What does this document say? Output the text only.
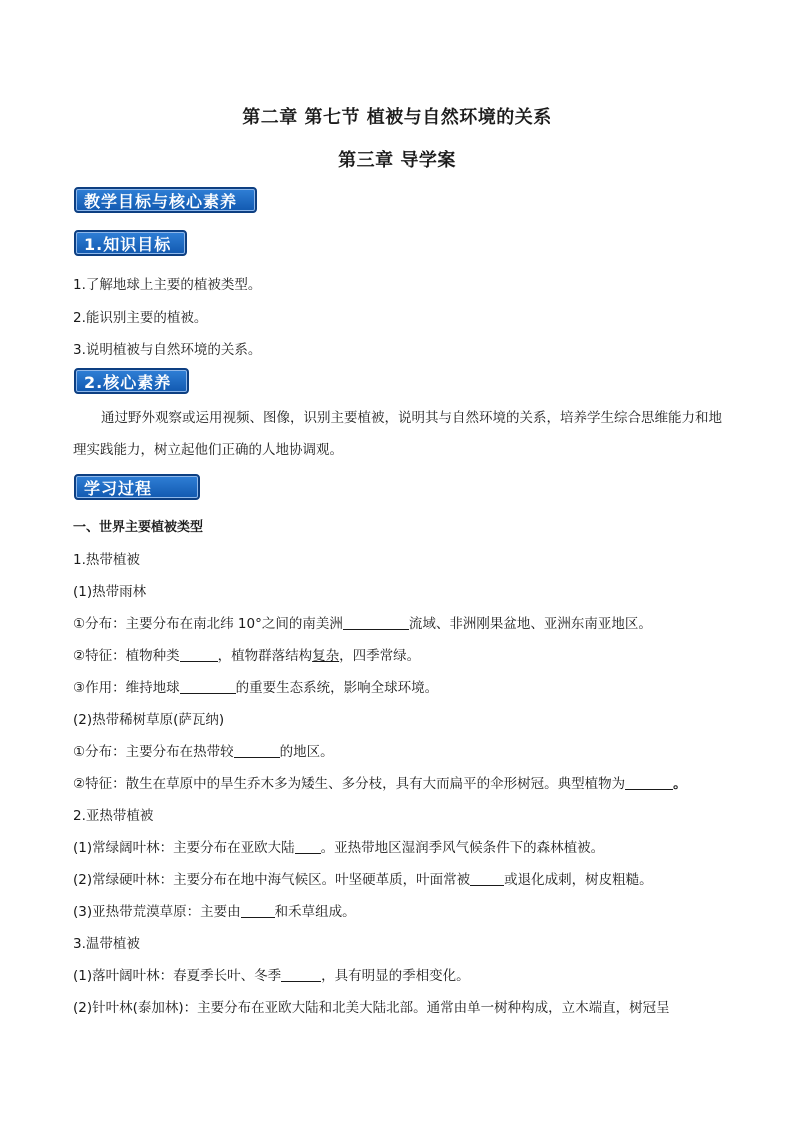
第二章 第七节 植被与自然环境的关系
第三章 导学案
教学目标与核心素养
1.知识目标
1.了解地球上主要的植被类型。
2.能识别主要的植被。
3.说明植被与自然环境的关系。
2.核心素养
通过野外观察或运用视频、图像，识别主要植被，说明其与自然环境的关系，培养学生综合思维能力和地理实践能力，树立起他们正确的人地协调观。
学习过程
一、世界主要植被类型
1.热带植被
(1)热带雨林
①分布：主要分布在南北纬 10°之间的南美洲	流域、非洲刚果盆地、亚洲东南亚地区。
②特征：植物种类	，植物群落结构复杂，四季常绿。
③作用：维持地球	的重要生态系统，影响全球环境。
(2)热带稀树草原(萨瓦纳)
①分布：主要分布在热带较	的地区。
②特征：散生在草原中的旱生乔木多为矮生、多分枝，具有大而扁平的伞形树冠。典型植物为	。
2.亚热带植被
(1)常绿阔叶林：主要分布在亚欧大陆 。亚热带地区湿润季风气候条件下的森林植被。
(2)常绿硬叶林：主要分布在地中海气候区。叶坚硬革质，叶面常被	或退化成刺，树皮粗糙。
(3)亚热带荒漠草原：主要由	和禾草组成。
3.温带植被
(1)落叶阔叶林：春夏季长叶、冬季	，具有明显的季相变化。
(2)针叶林(泰加林)：主要分布在亚欧大陆和北美大陆北部。通常由单一树种构成，立木端直，树冠呈
